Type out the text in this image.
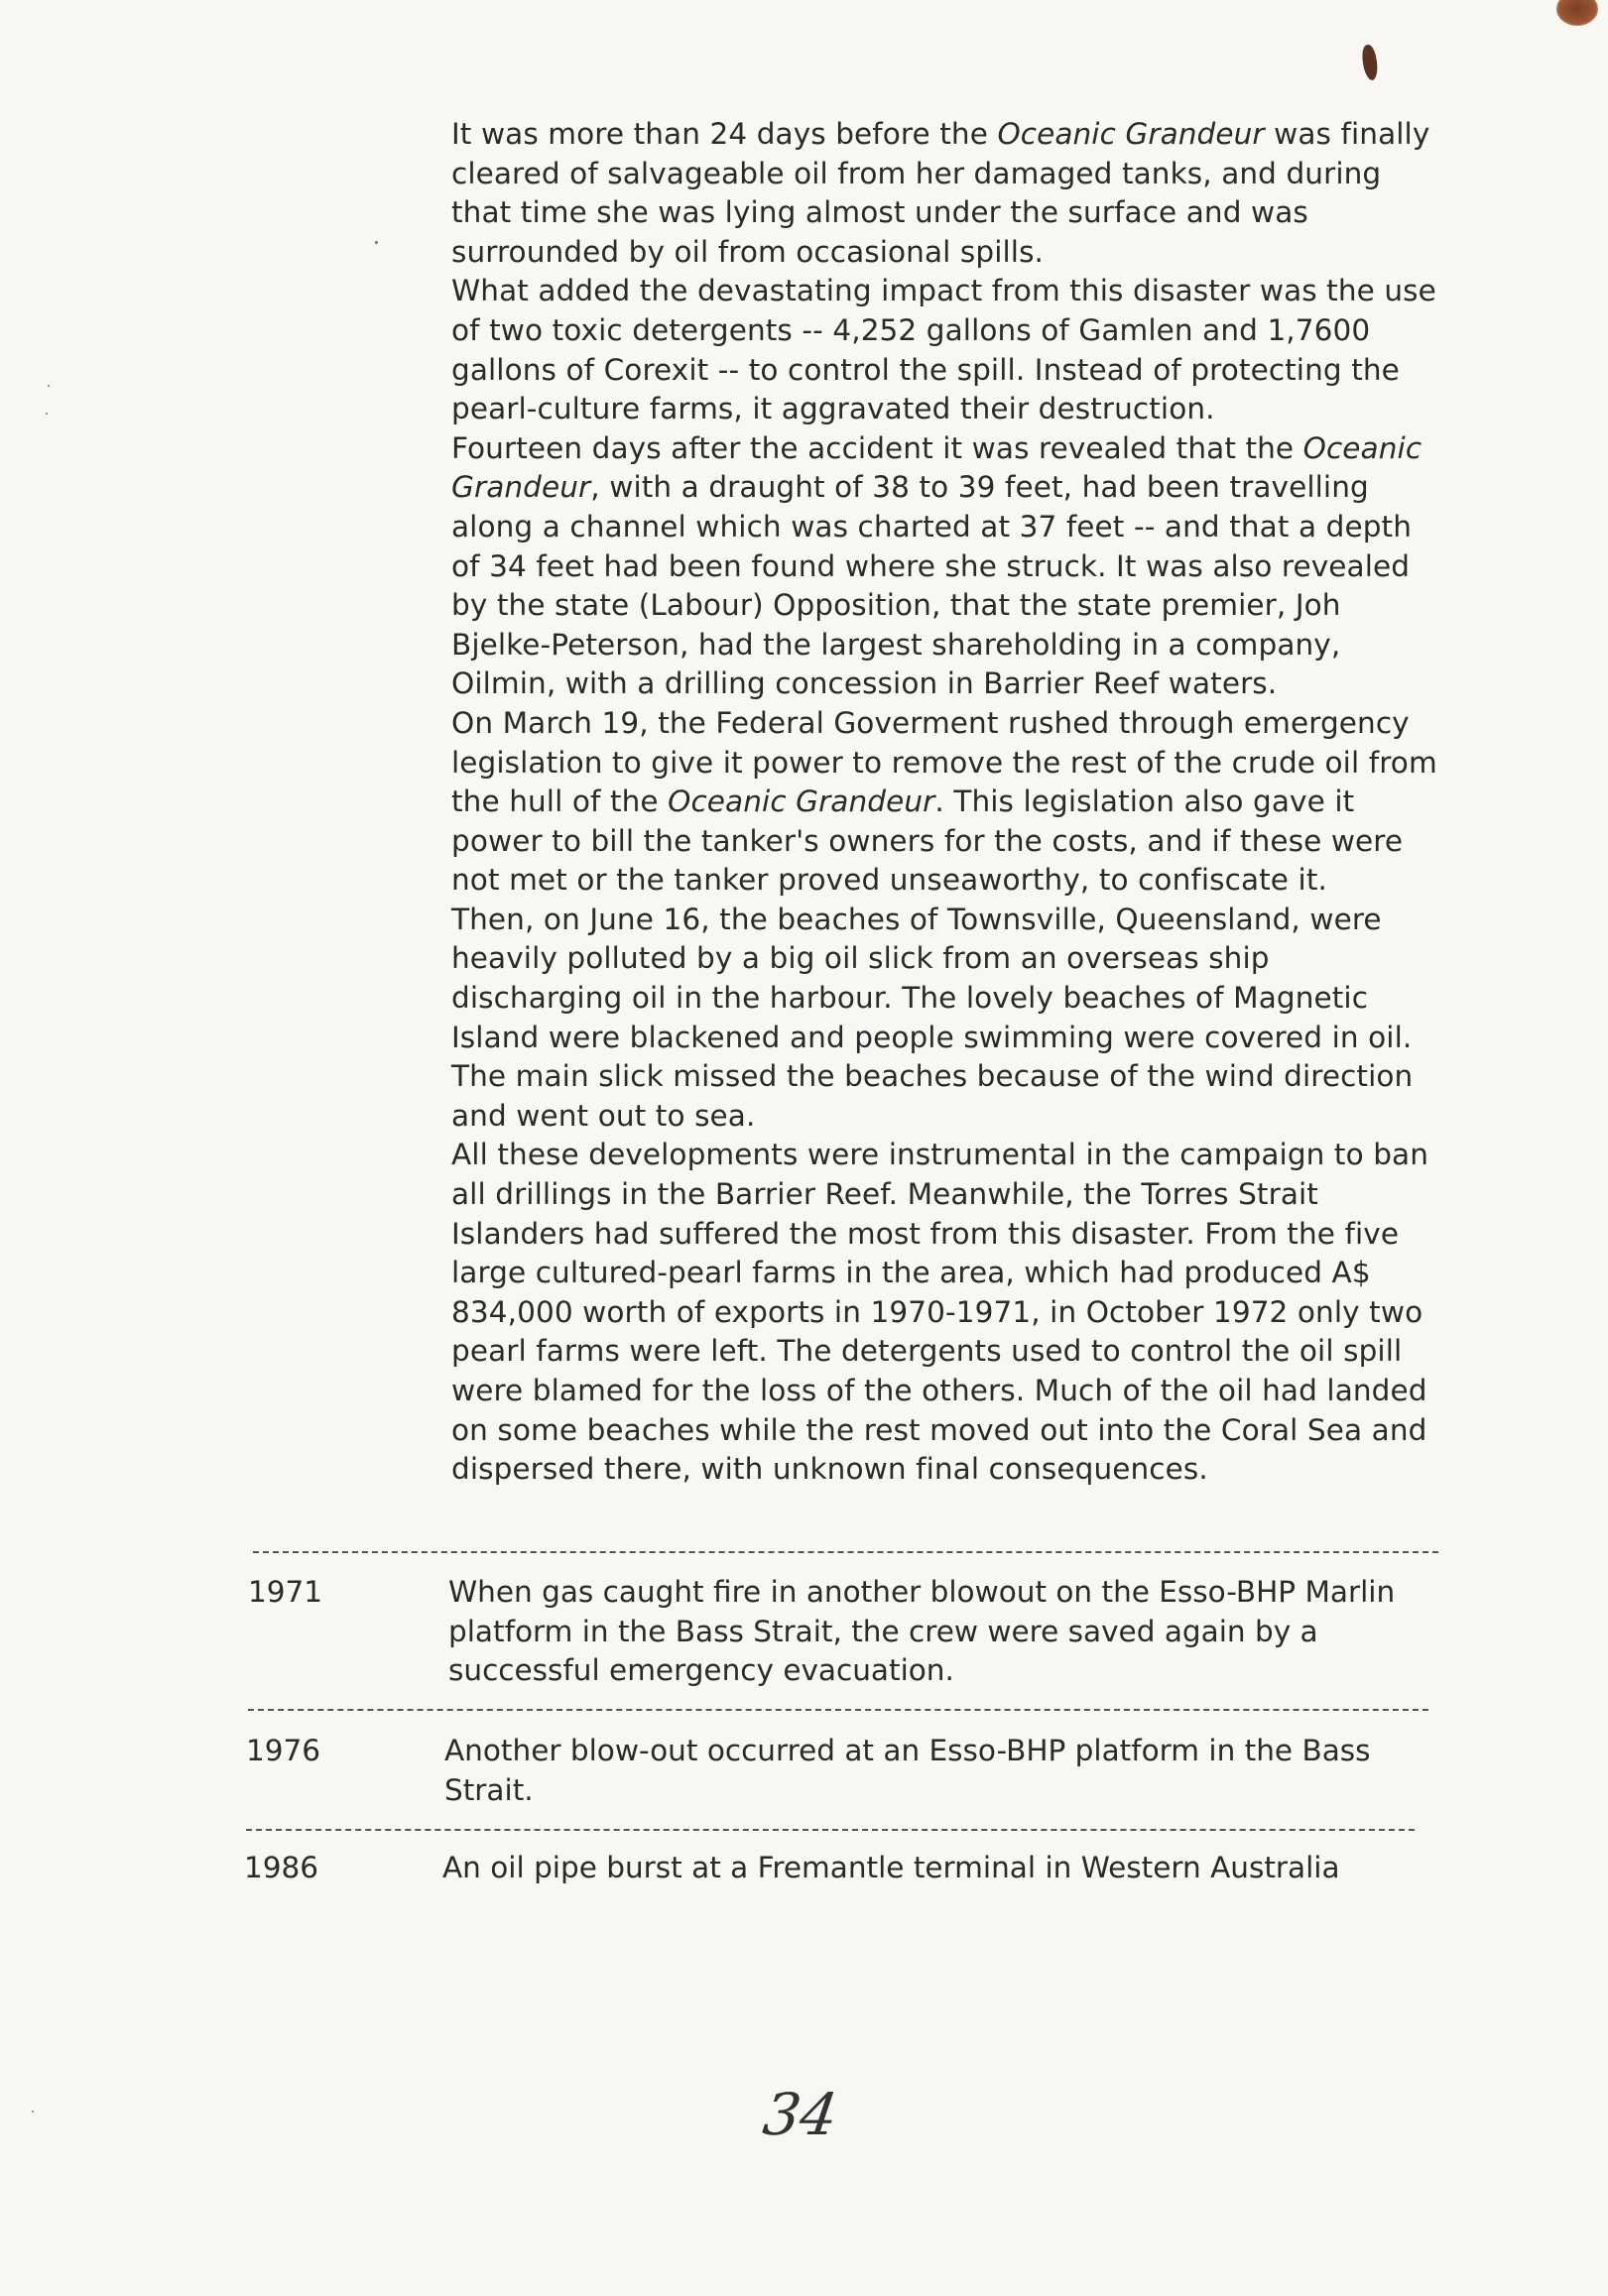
It was more than 24 days before the Oceanic Grandeur was finally cleared of salvageable oil from her damaged tanks, and during that time she was lying almost under the surface and was surrounded by oil from occasional spills.

What added the devastating impact from this disaster was the use of two toxic detergents -- 4,252 gallons of Gamlen and 1,7600 gallons of Corexit -- to control the spill. Instead of protecting the pearl-culture farms, it aggravated their destruction.

Fourteen days after the accident it was revealed that the Oceanic Grandeur, with a draught of 38 to 39 feet, had been travelling along a channel which was charted at 37 feet -- and that a depth of 34 feet had been found where she struck. It was also revealed by the state (Labour) Opposition, that the state premier, Joh Bjelke-Peterson, had the largest shareholding in a company, Oilmin, with a drilling concession in Barrier Reef waters.

On March 19, the Federal Goverment rushed through emergency legislation to give it power to remove the rest of the crude oil from the hull of the Oceanic Grandeur. This legislation also gave it power to bill the tanker's owners for the costs, and if these were not met or the tanker proved unseaworthy, to confiscate it.

Then, on June 16, the beaches of Townsville, Queensland, were heavily polluted by a big oil slick from an overseas ship discharging oil in the harbour. The lovely beaches of Magnetic Island were blackened and people swimming were covered in oil. The main slick missed the beaches because of the wind direction and went out to sea.

All these developments were instrumental in the campaign to ban all drillings in the Barrier Reef. Meanwhile, the Torres Strait Islanders had suffered the most from this disaster. From the five large cultured-pearl farms in the area, which had produced A$ 834,000 worth of exports in 1970-1971, in October 1972 only two pearl farms were left. The detergents used to control the oil spill were blamed for the loss of the others. Much of the oil had landed on some beaches while the rest moved out into the Coral Sea and dispersed there, with unknown final consequences.

1971	When gas caught fire in another blowout on the Esso-BHP Marlin platform in the Bass Strait, the crew were saved again by a successful emergency evacuation.
1976	Another blow-out occurred at an Esso-BHP platform in the Bass Strait.
1986	An oil pipe burst at a Fremantle terminal in Western Australia
34
